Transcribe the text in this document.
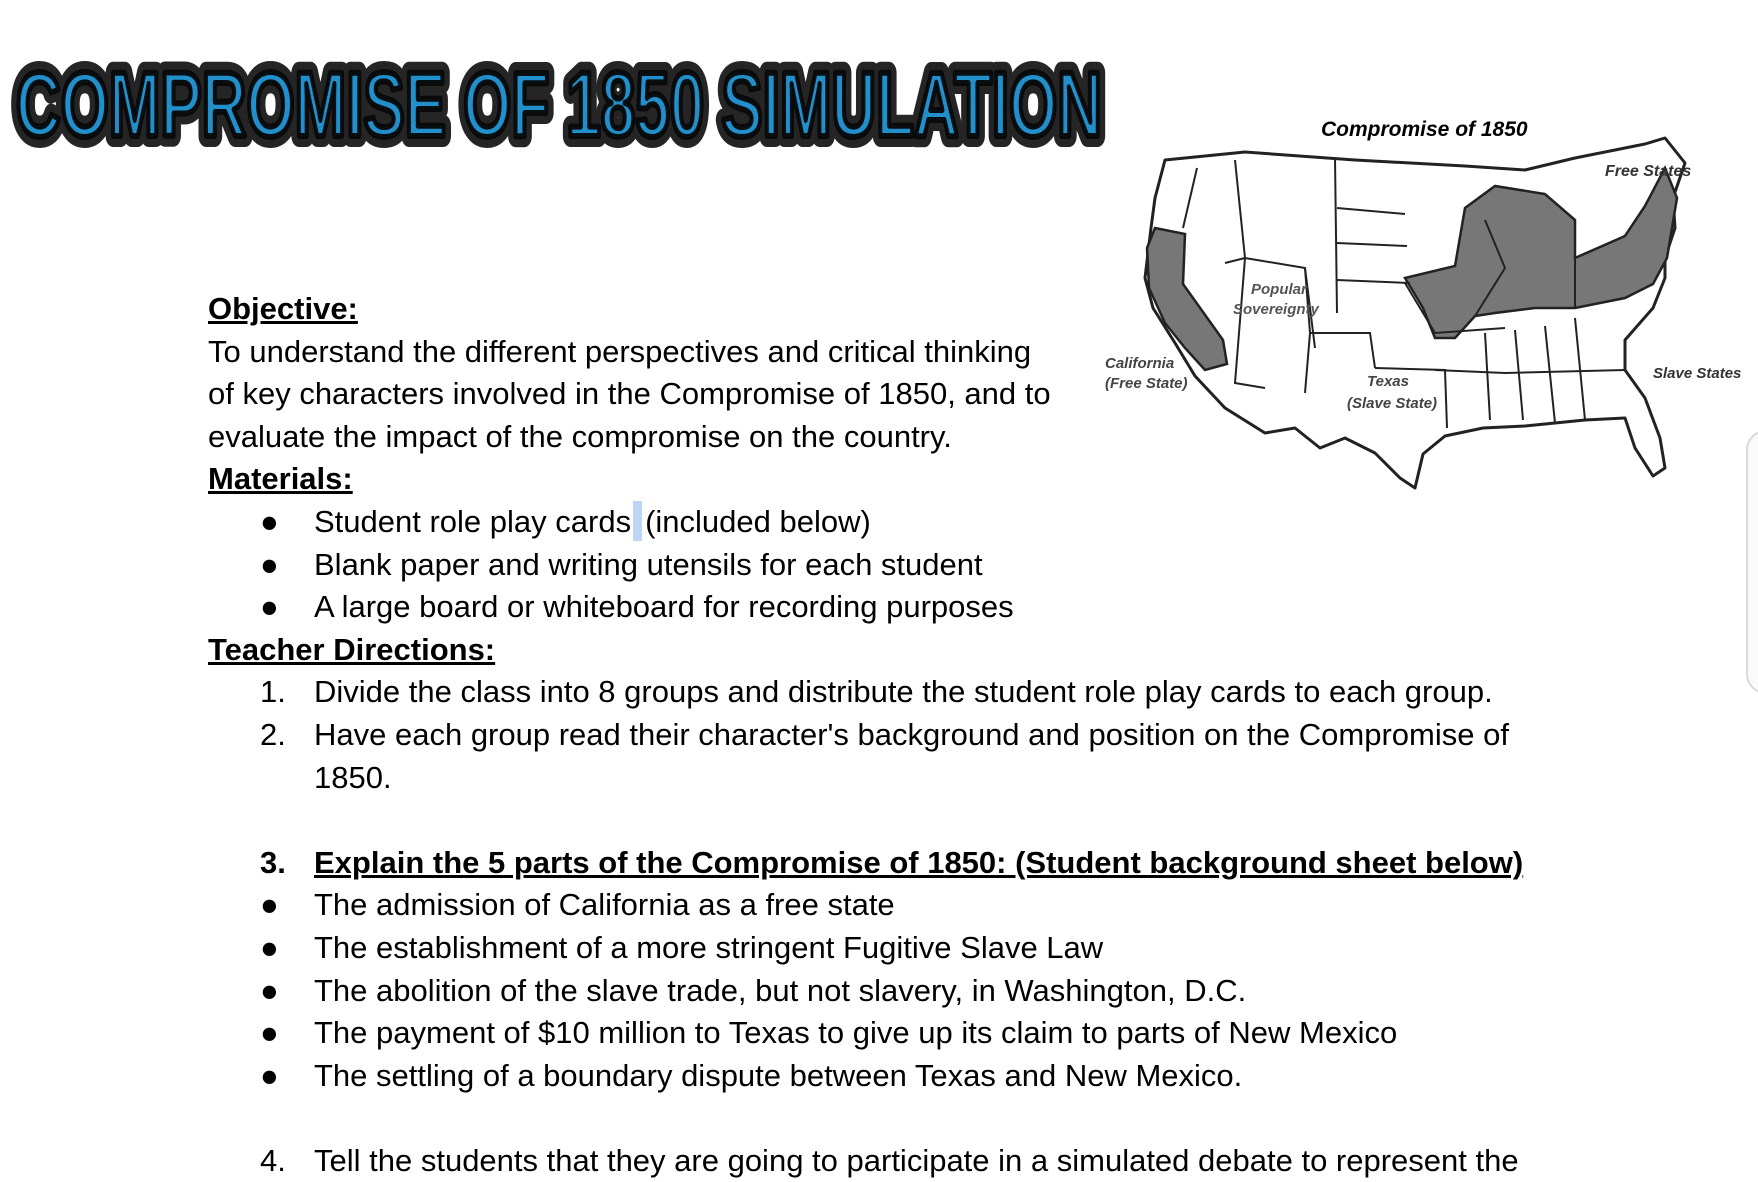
COMPROMISE OF 1850 SIMULATION
COMPROMISE OF 1850 SIMULATION
COMPROMISE OF 1850 SIMULATION	Compromise of 1850
Free States
Slave States
Popular
Sovereignty
California
(Free State)	Texas
(Slave State)
Objective:
To understand the different perspectives and critical thinking
of key characters involved in the Compromise of 1850, and to
evaluate the impact of the compromise on the country.
Materials:
● Student role play cards (included below)
● Blank paper and writing utensils for each student
● A large board or whiteboard for recording purposes
Teacher Directions:
1. Divide the class into 8 groups and distribute the student role play cards to each group.
2. Have each group read their character's background and position on the Compromise of
1850.
3. Explain the 5 parts of the Compromise of 1850: (Student background sheet below)
● The admission of California as a free state
● The establishment of a more stringent Fugitive Slave Law
● The abolition of the slave trade, but not slavery, in Washington, D.C.
● The payment of $10 million to Texas to give up its claim to parts of New Mexico
● The settling of a boundary dispute between Texas and New Mexico.
4. Tell the students that they are going to participate in a simulated debate to represent the
